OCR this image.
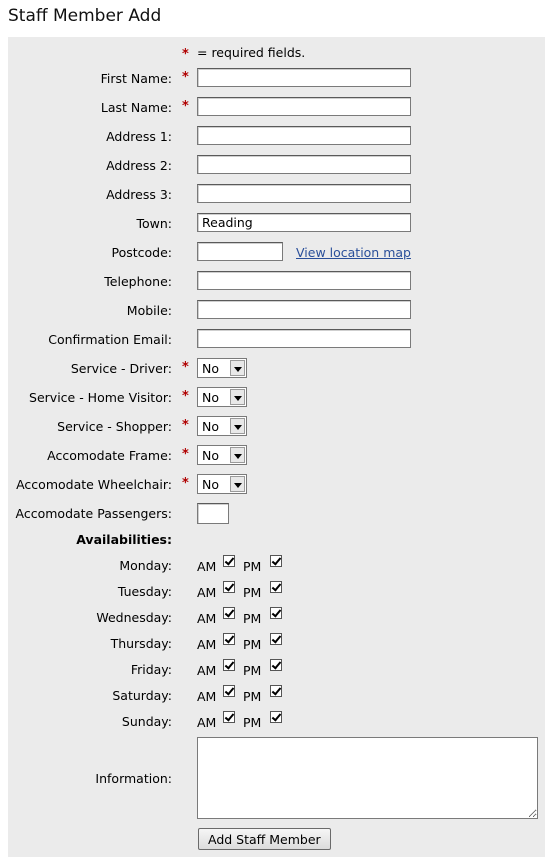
Staff Member Add
* = required fields.
First Name: *
Last Name: *
Address 1:
Address 2:
Address 3:
Town:
Reading
Postcode:	View location map
Telephone:
Mobile:
Confirmation Email:
Service - Driver: * No
Service - Home Visitor: * No
Service - Shopper: * No
Accomodate Frame: * No
Accomodate Wheelchair: * No
Accomodate Passengers:
Availabilities:
Monday: AM PM
Tuesday: AM PM
Wednesday: AM PM
Thursday: AM PM
Friday: AM PM
Saturday: AM PM
Sunday: AM PM
Information:
Add Staff Member
